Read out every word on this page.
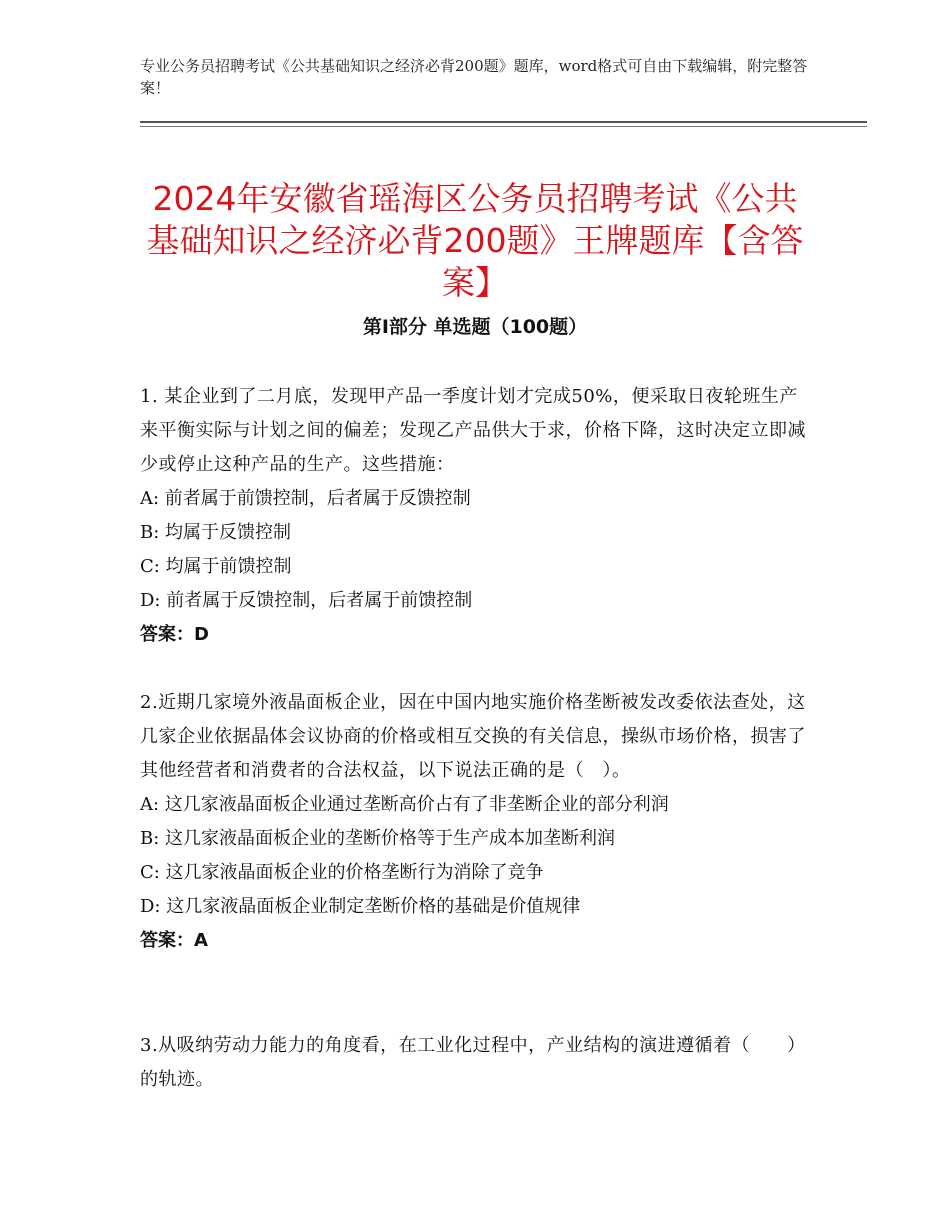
专业公务员招聘考试《公共基础知识之经济必背200题》题库，word格式可自由下载编辑，附完整答案！
2024年安徽省瑶海区公务员招聘考试《公共基础知识之经济必背200题》王牌题库【含答案】
第Ⅰ部分 单选题（100题）

1. 某企业到了二月底，发现甲产品一季度计划才完成50%，便采取日夜轮班生产来平衡实际与计划之间的偏差；发现乙产品供大于求，价格下降，这时决定立即减少或停止这种产品的生产。这些措施：

A: 前者属于前馈控制，后者属于反馈控制

B: 均属于反馈控制

C: 均属于前馈控制

D: 前者属于反馈控制，后者属于前馈控制

答案：D

2.近期几家境外液晶面板企业，因在中国内地实施价格垄断被发改委依法查处，这几家企业依据晶体会议协商的价格或相互交换的有关信息，操纵市场价格，损害了其他经营者和消费者的合法权益，以下说法正确的是（　）。

A: 这几家液晶面板企业通过垄断高价占有了非垄断企业的部分利润

B: 这几家液晶面板企业的垄断价格等于生产成本加垄断利润

C: 这几家液晶面板企业的价格垄断行为消除了竞争

D: 这几家液晶面板企业制定垄断价格的基础是价值规律

答案：A

3.从吸纳劳动力能力的角度看，在工业化过程中，产业结构的演进遵循着（　　）的轨迹。
